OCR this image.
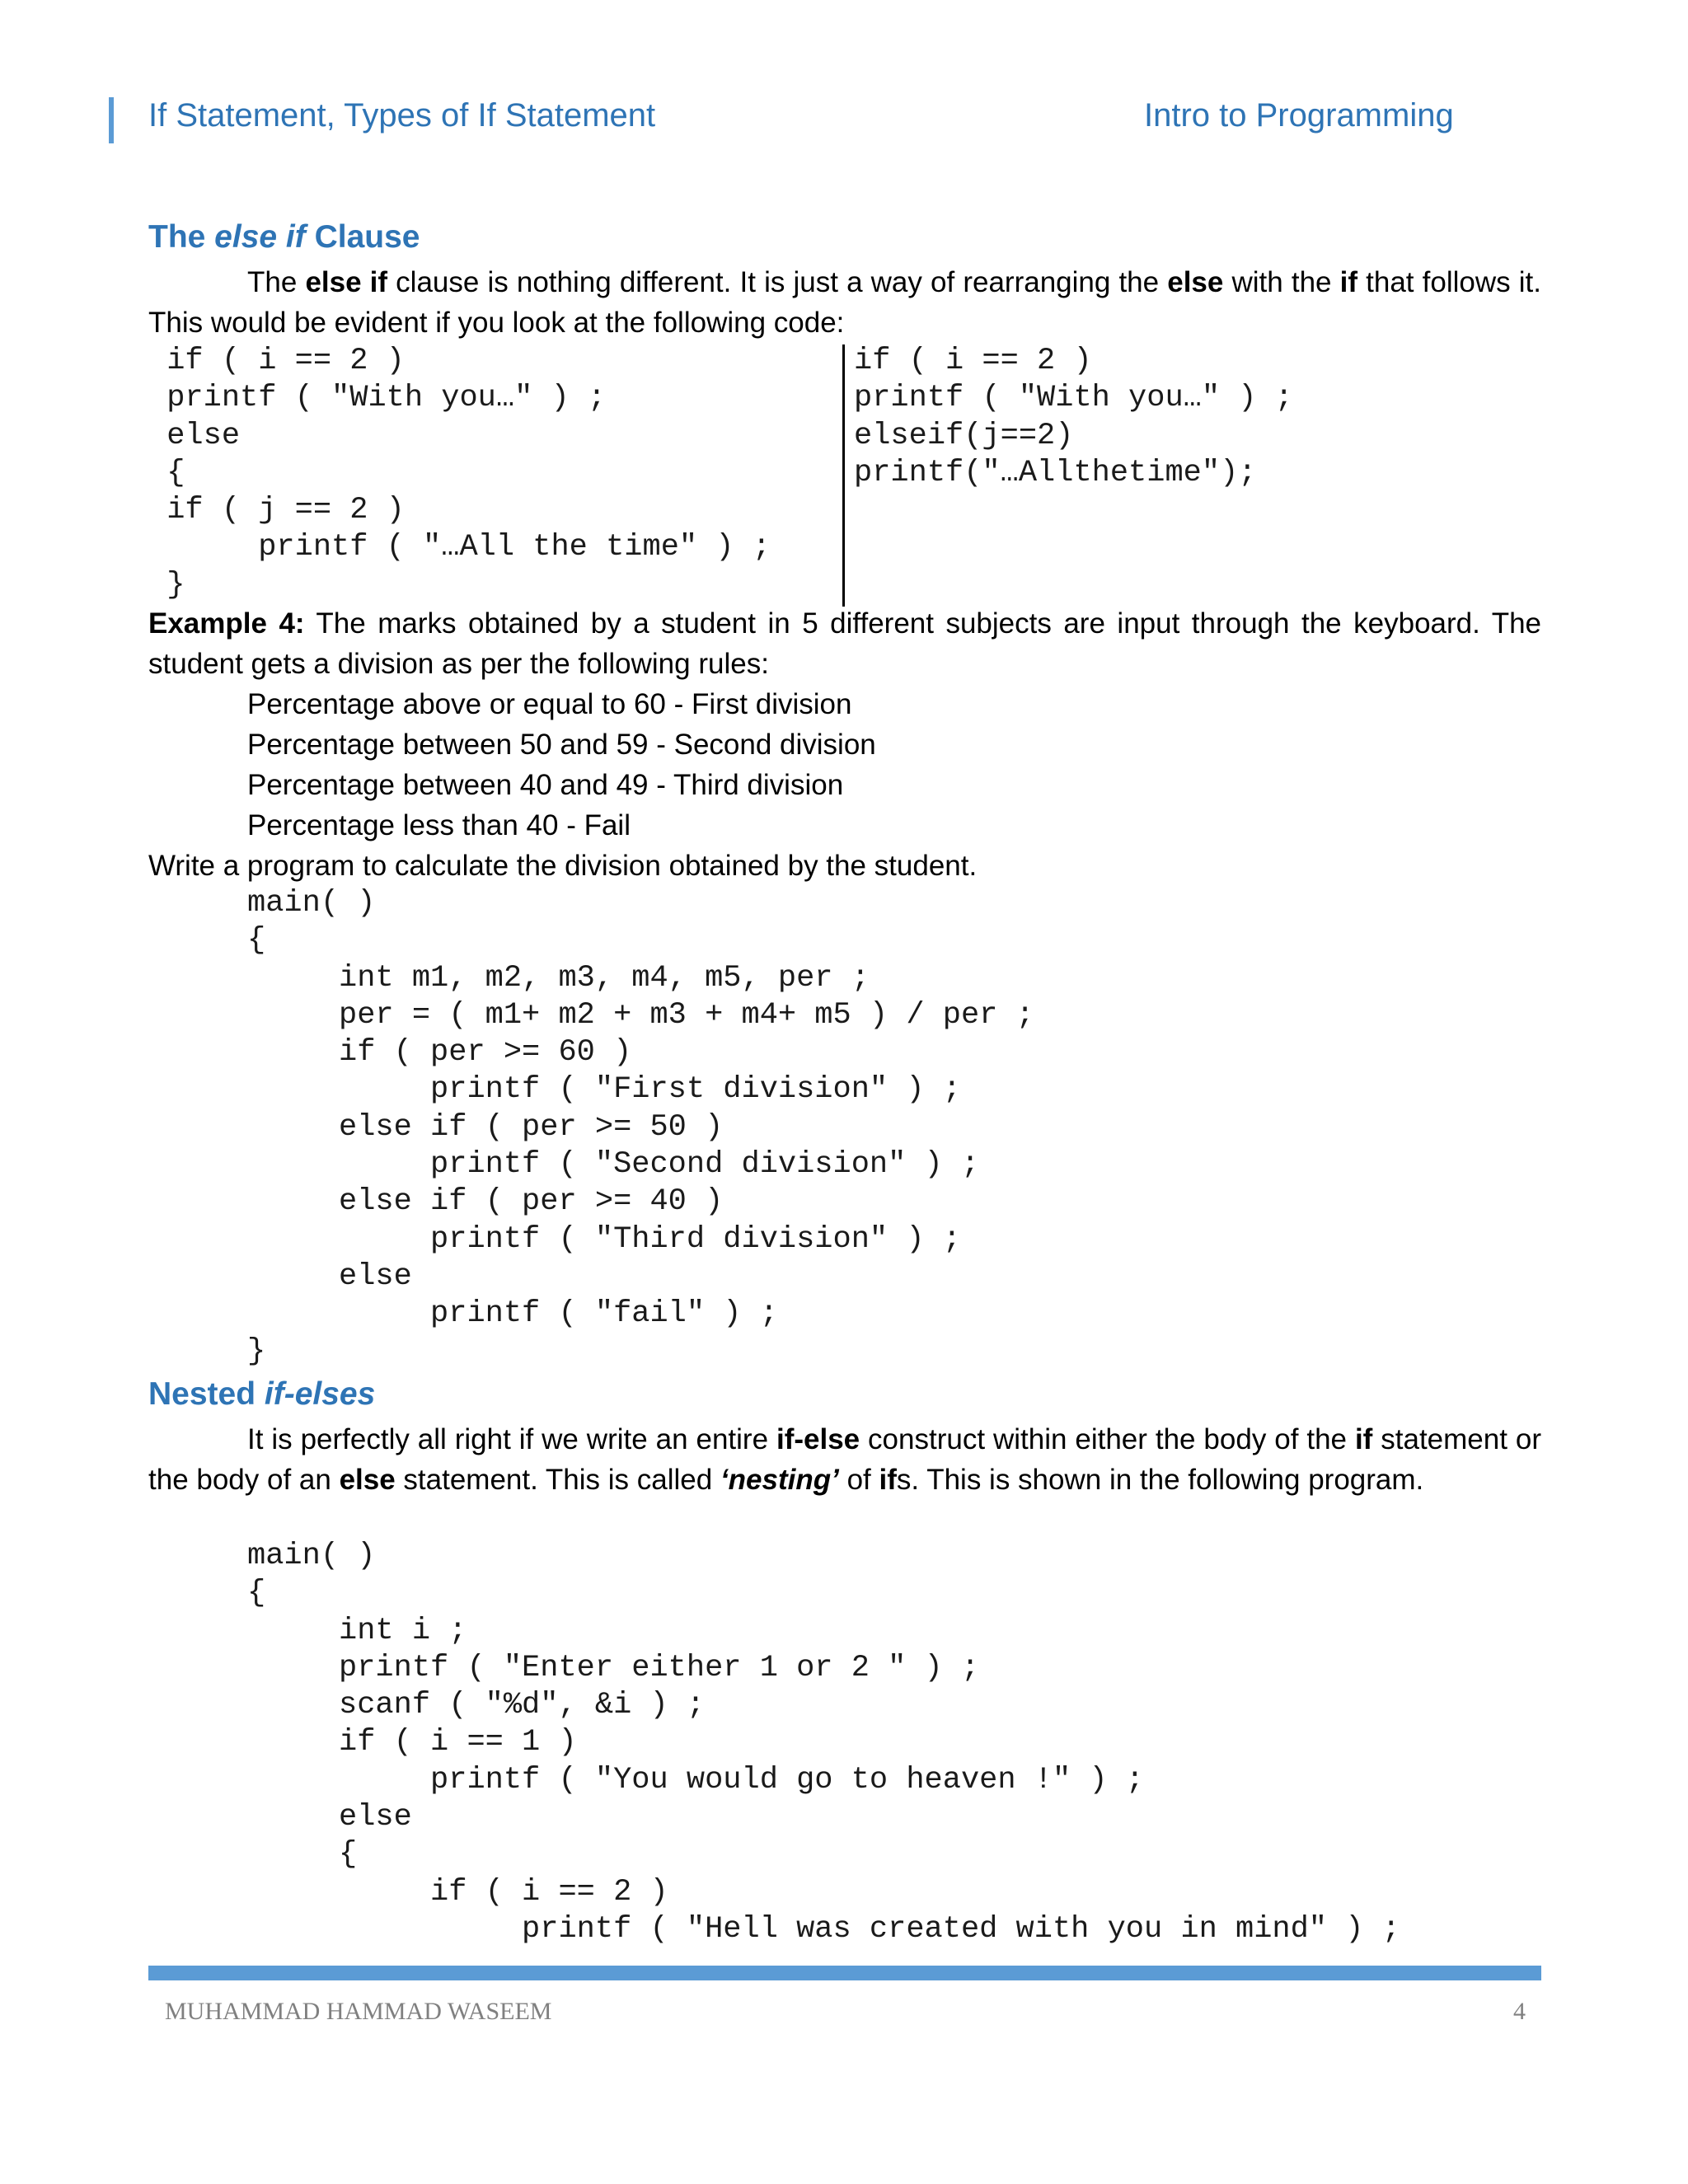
If Statement, Types of If Statement	Intro to Programming
The else if Clause

The else if clause is nothing different. It is just a way of rearranging the else with the if that follows it. This would be evident if you look at the following code:

if ( i == 2 )
printf ( "With you…" ) ;
else
{
if ( j == 2 )
printf ( "…All the time" ) ;
}
if ( i == 2 )
printf ( "With you…" ) ;
elseif(j==2)
printf("…Allthetime");

Example 4: The marks obtained by a student in 5 different subjects are input through the keyboard. The student gets a division as per the following rules:

Percentage above or equal to 60 - First division
Percentage between 50 and 59 - Second division
Percentage between 40 and 49 - Third division
Percentage less than 40 - Fail

Write a program to calculate the division obtained by the student.

main( )
{
int m1, m2, m3, m4, m5, per ;
per = ( m1+ m2 + m3 + m4+ m5 ) / per ;
if ( per >= 60 )
printf ( "First division" ) ;
else if ( per >= 50 )
printf ( "Second division" ) ;
else if ( per >= 40 )
printf ( "Third division" ) ;
else
printf ( "fail" ) ;
}
Nested if-elses

It is perfectly all right if we write an entire if-else construct within either the body of the if statement or the body of an else statement. This is called ‘nesting’ of ifs. This is shown in the following program.

main( )
{
int i ;
printf ( "Enter either 1 or 2 " ) ;
scanf ( "%d", &i ) ;
if ( i == 1 )
printf ( "You would go to heaven !" ) ;
else
{
if ( i == 2 )
printf ( "Hell was created with you in mind" ) ;
MUHAMMAD HAMMAD WASEEM	4
